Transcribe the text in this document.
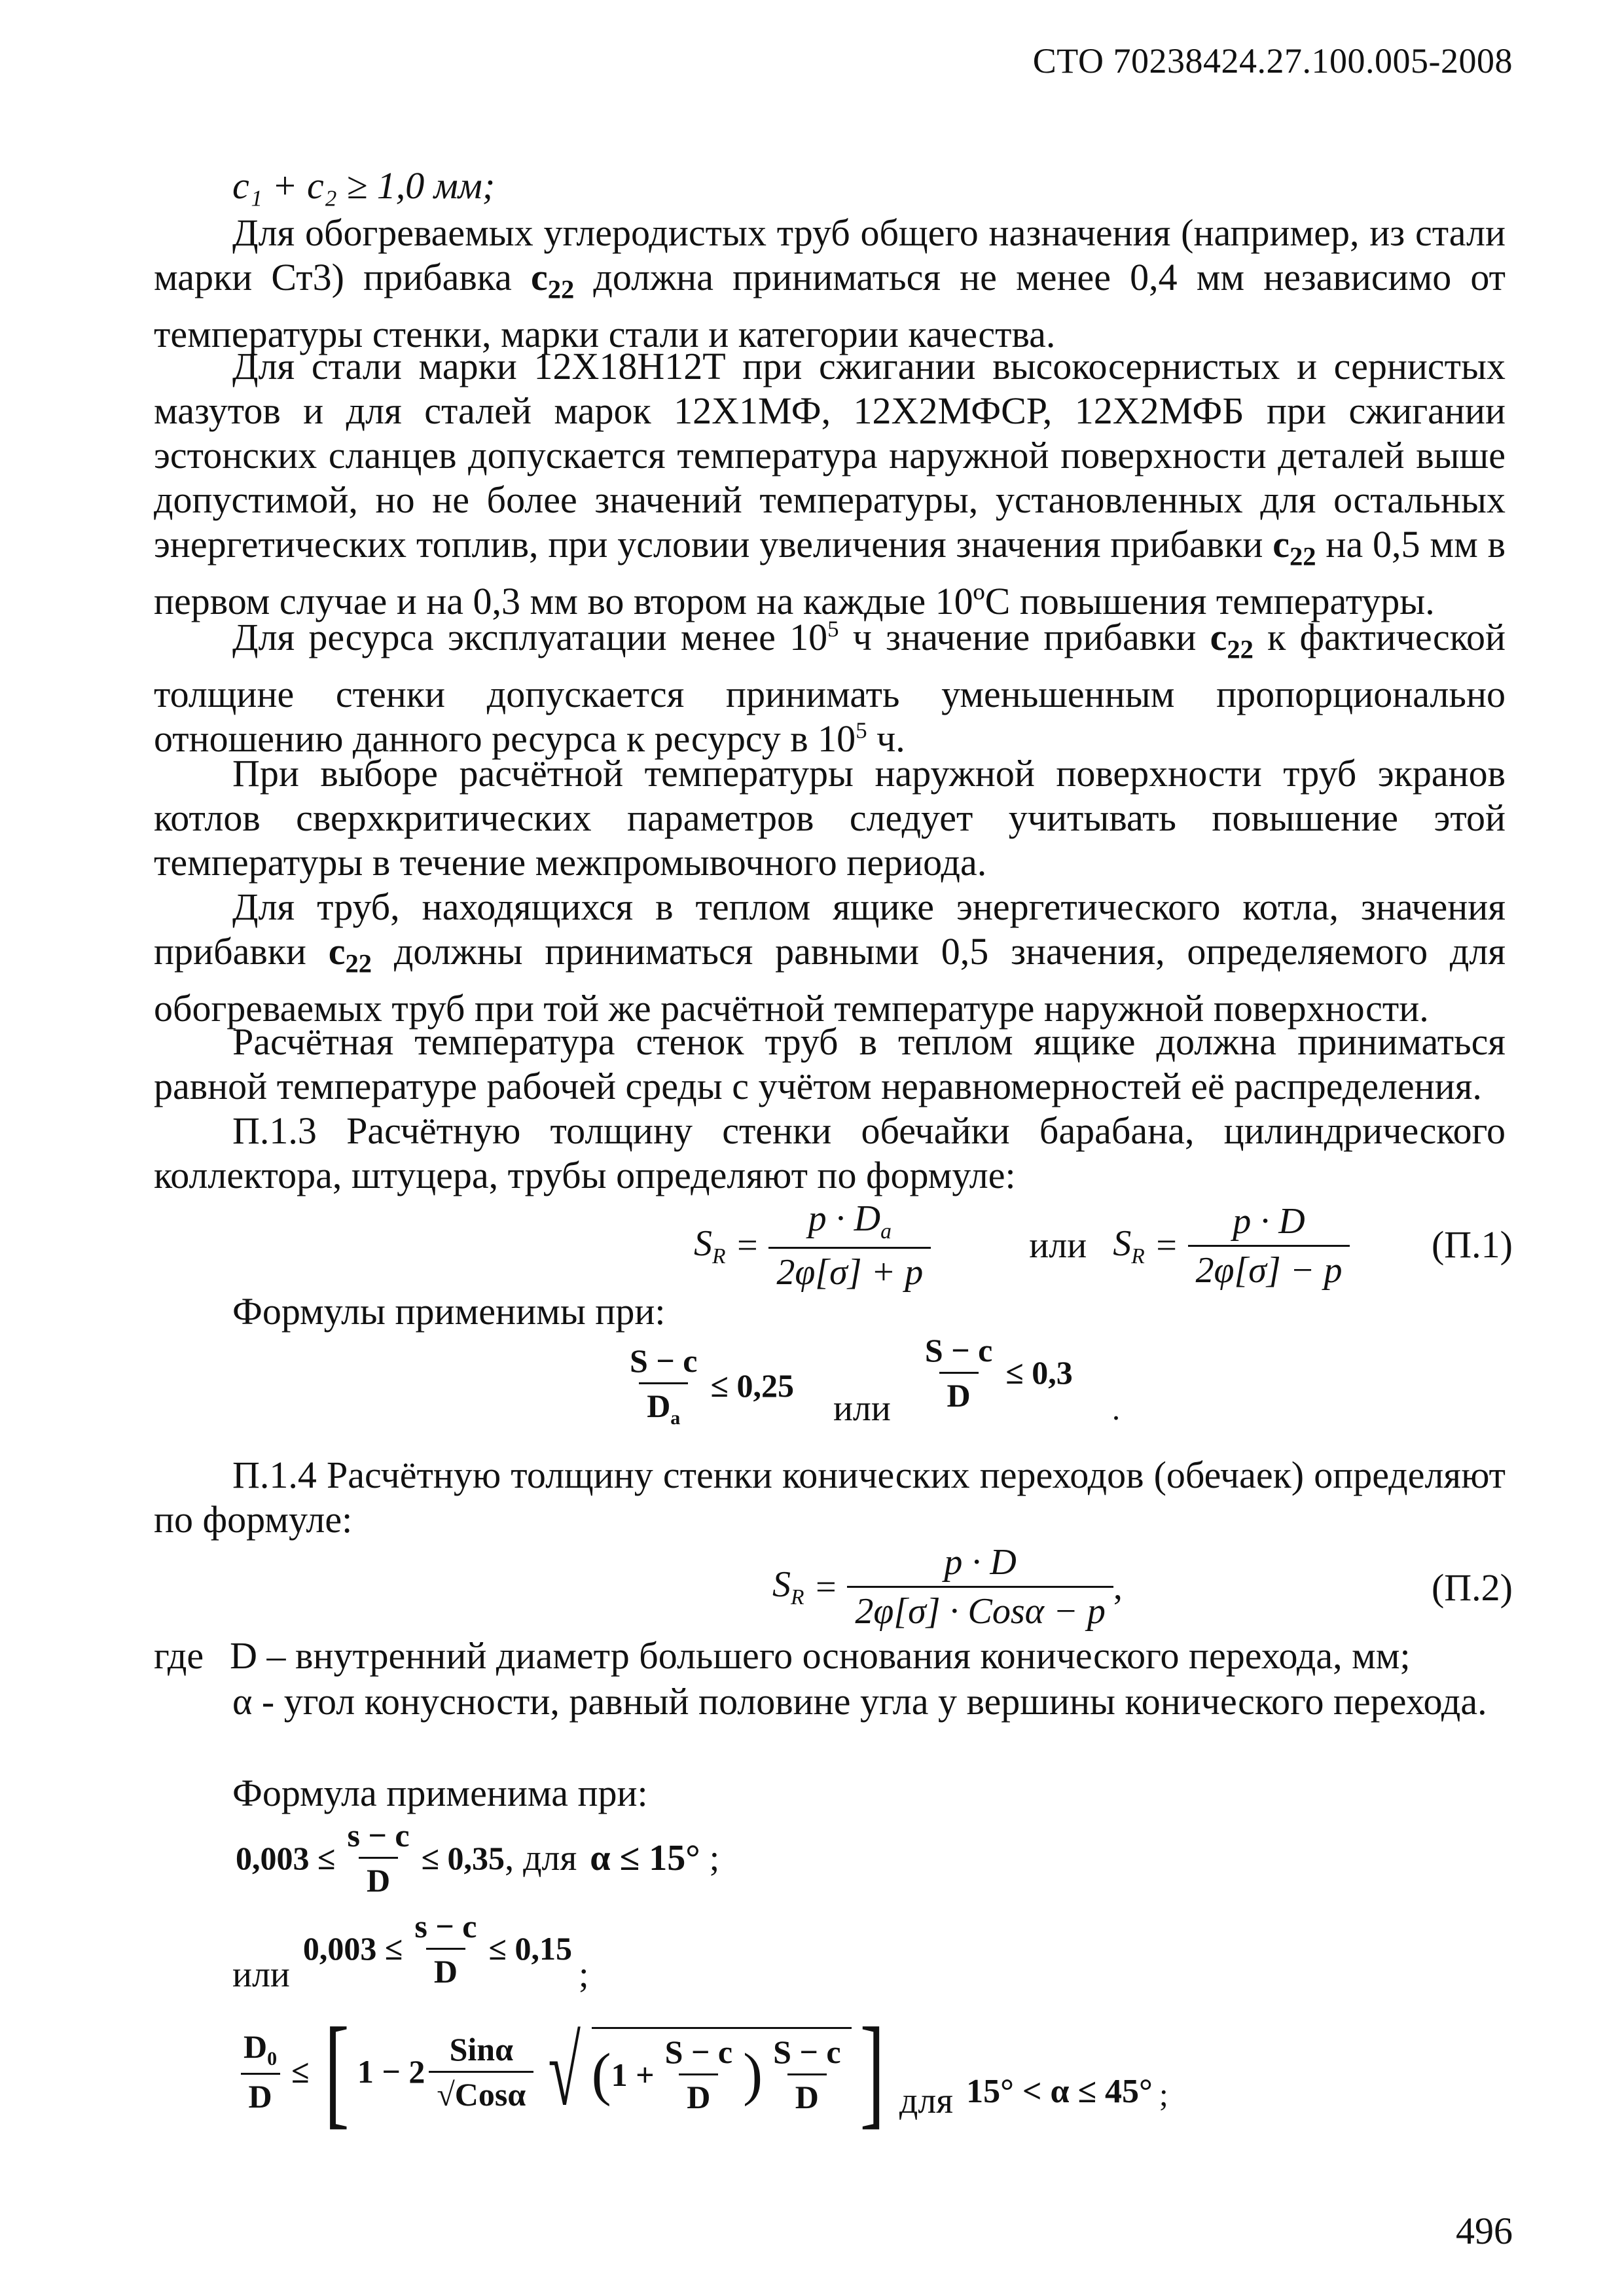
СТО 70238424.27.100.005-2008
c₁ + c₂ ≥ 1,0 мм;
Для обогреваемых углеродистых труб общего назначения (например, из стали марки Ст3) прибавка $c_{22}$ должна приниматься не менее 0,4 мм независимо от температуры стенки, марки стали и категории качества.
Для стали марки 12Х18Н12Т при сжигании высокосернистых и сернистых мазутов и для сталей марок 12Х1МФ, 12Х2МФСР, 12Х2МФБ при сжигании эстонских сланцев допускается температура наружной поверхности деталей выше допустимой, но не более значений температуры, установленных для остальных энергетических топлив, при условии увеличения значения прибавки $c_{22}$ на 0,5 мм в первом случае и на 0,3 мм во втором на каждые 10ºС повышения температуры.
Для ресурса эксплуатации менее $10^5$ ч значение прибавки $c_{22}$ к фактической толщине стенки допускается принимать уменьшенным пропорционально отношению данного ресурса к ресурсу в $10^5$ ч.
При выборе расчётной температуры наружной поверхности труб экранов котлов сверхкритических параметров следует учитывать повышение этой температуры в течение межпромывочного периода.
Для труб, находящихся в теплом ящике энергетического котла, значения прибавки $c_{22}$ должны приниматься равными 0,5 значения, определяемого для обогреваемых труб при той же расчётной температуре наружной поверхности.
Расчётная температура стенок труб в теплом ящике должна приниматься равной температуре рабочей среды с учётом неравномерностей её распределения.
П.1.3 Расчётную толщину стенки обечайки барабана, цилиндрического коллектора, штуцера, трубы определяют по формуле:
$S_R = \frac{p \cdot D_a}{2\varphi[\sigma] + p}$	или $S_R = \frac{p \cdot D}{2\varphi[\sigma] - p} (П.1)$
Формулы применимы при:
$\frac{S - c}{D_a} \le 0,25$
или $\frac{S - c}{D} \le 0,3$
.
П.1.4 Расчётную толщину стенки конических переходов (обечаек) определяют по формуле:
$S_R = \frac{p \cdot D}{\text{2φ[σ] · Cosα − p}}$ ,	(П.2)
где D – внутренний диаметр большего основания конического перехода, мм;
α - угол конусности, равный половине угла у вершины конического перехода.
Формула применима при:
$0,003 \le \frac{s - c}{D} \le 0,35$ , для α ≤ 15° ;
или
$0,003 \le \frac{s - c}{D} \le 0,15$
;
$\frac{D_0}{D}$ ≤ [ $1 - 2 \frac{\text{Sinα}}{\text{√ Cosα}}$ √ ( $1 + \frac{S - c}{D}$ ) $\frac{S - c}{D}$ ] для 15° < α ≤ 45° ;
496
